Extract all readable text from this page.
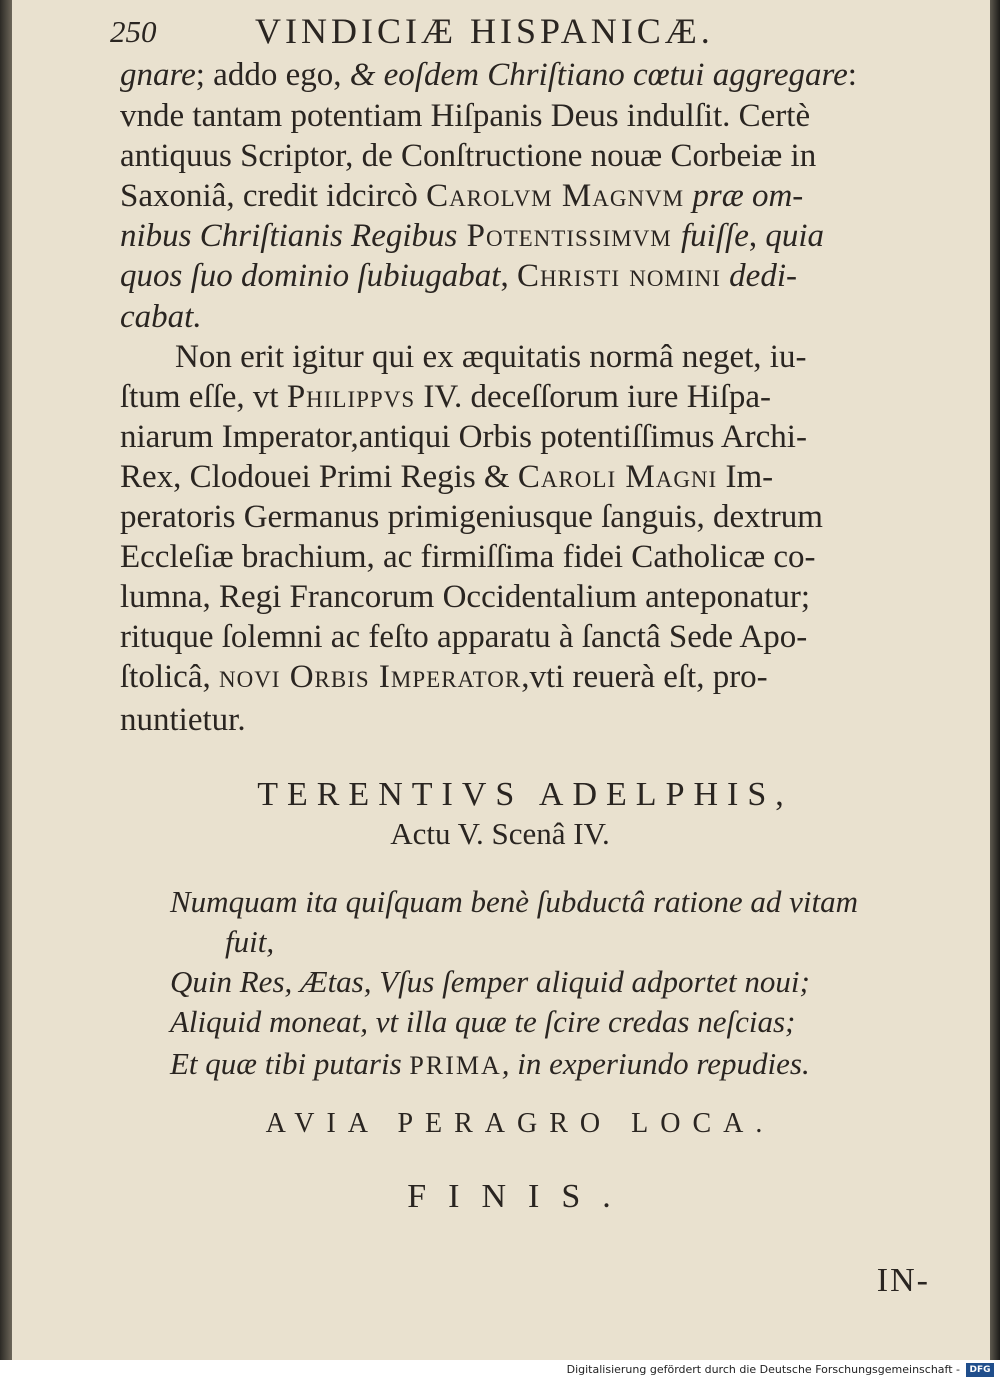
250	VINDICIÆ HISPANICÆ.
gnare; addo ego, & eoſdem Chriſtiano cœtui aggregare:
vnde tantam potentiam Hiſpanis Deus indulſit. Certè
antiquus Scriptor, de Conſtructione nouæ Corbeiæ in
Saxoniâ, credit idcircò Carolvm Magnvm præ om-
nibus Chriſtianis Regibus Potentissimvm fuiſſe, quia
quos ſuo dominio ſubiugabat, Christi nomini dedi-
cabat.
Non erit igitur qui ex æquitatis normâ neget, iu-
ſtum eſſe, vt Philippvs IV. deceſſorum iure Hiſpa-
niarum Imperator,antiqui Orbis potentiſſimus Archi-
Rex, Clodouei Primi Regis & Caroli Magni Im-
peratoris Germanus primigeniusque ſanguis, dextrum
Eccleſiæ brachium, ac firmiſſima fidei Catholicæ co-
lumna, Regi Francorum Occidentalium anteponatur;
rituque ſolemni ac feſto apparatu à ſanctâ Sede Apo-
ſtolicâ, novi Orbis Imperator,vti reuerà eſt, pro-
nuntietur.
TERENTIVS ADELPHIS,
Actu V. Scenâ IV.
Numquam ita quiſquam benè ſubductâ ratione ad vitam
fuit,
Quin Res, Ætas, Vſus ſemper aliquid adportet noui;
Aliquid moneat, vt illa quæ te ſcire credas neſcias;
Et quæ tibi putaris PRIMA, in experiundo repudies.
AVIA PERAGRO LOCA.
FINIS.
IN-
Digitalisierung gefördert durch die Deutsche Forschungsgemeinschaft -	DFG
